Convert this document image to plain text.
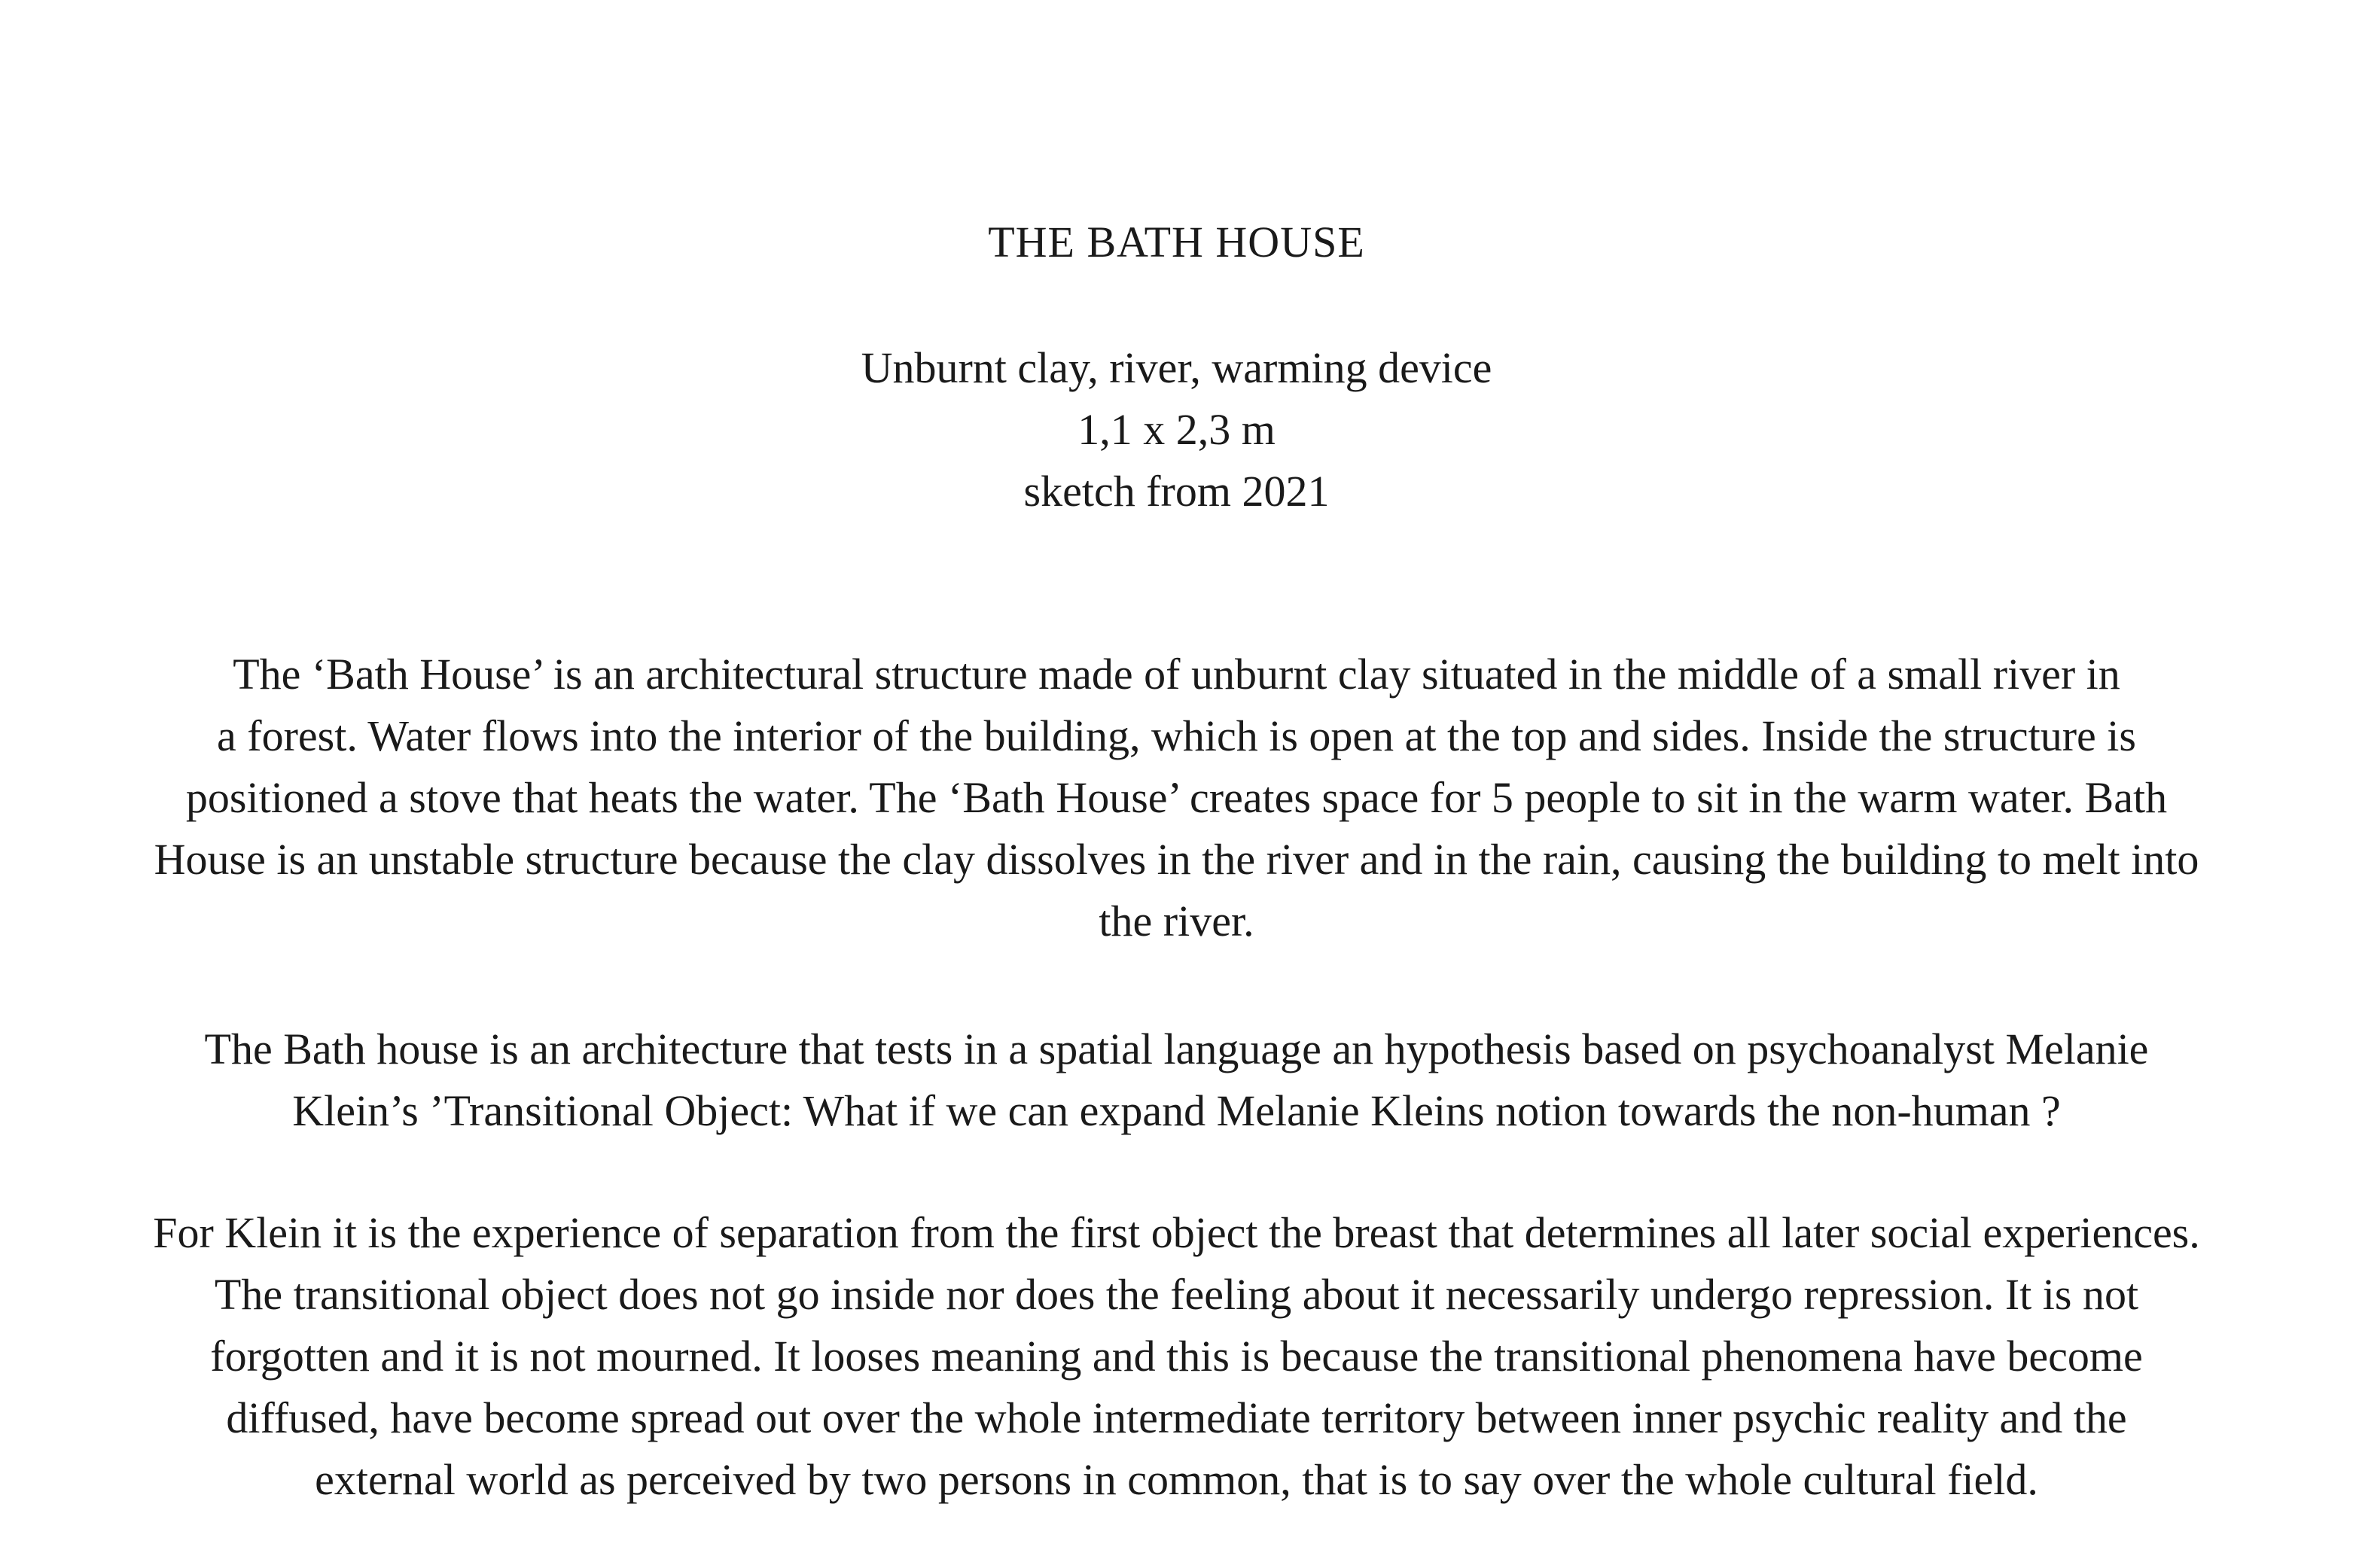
THE BATH HOUSE
Unburnt clay, river, warming device
1,1 x 2,3 m
sketch from 2021

The ‘Bath House’ is an architectural structure made of unburnt clay situated in the middle of a small river in
a forest. Water flows into the interior of the building, which is open at the top and sides. Inside the structure is
positioned a stove that heats the water. The ‘Bath House’ creates space for 5 people to sit in the warm water. Bath
House is an unstable structure because the clay dissolves in the river and in the rain, causing the building to melt into
the river.

The Bath house is an architecture that tests in a spatial language an hypothesis based on psychoanalyst Melanie
Klein’s ’Transitional Object: What if we can expand Melanie Kleins notion towards the non-human ?

For Klein it is the experience of separation from the first object the breast that determines all later social experiences.
The transitional object does not go inside nor does the feeling about it necessarily undergo repression. It is not
forgotten and it is not mourned. It looses meaning and this is because the transitional phenomena have become
diffused, have become spread out over the whole intermediate territory between inner psychic reality and the
external world as perceived by two persons in common, that is to say over the whole cultural field.
